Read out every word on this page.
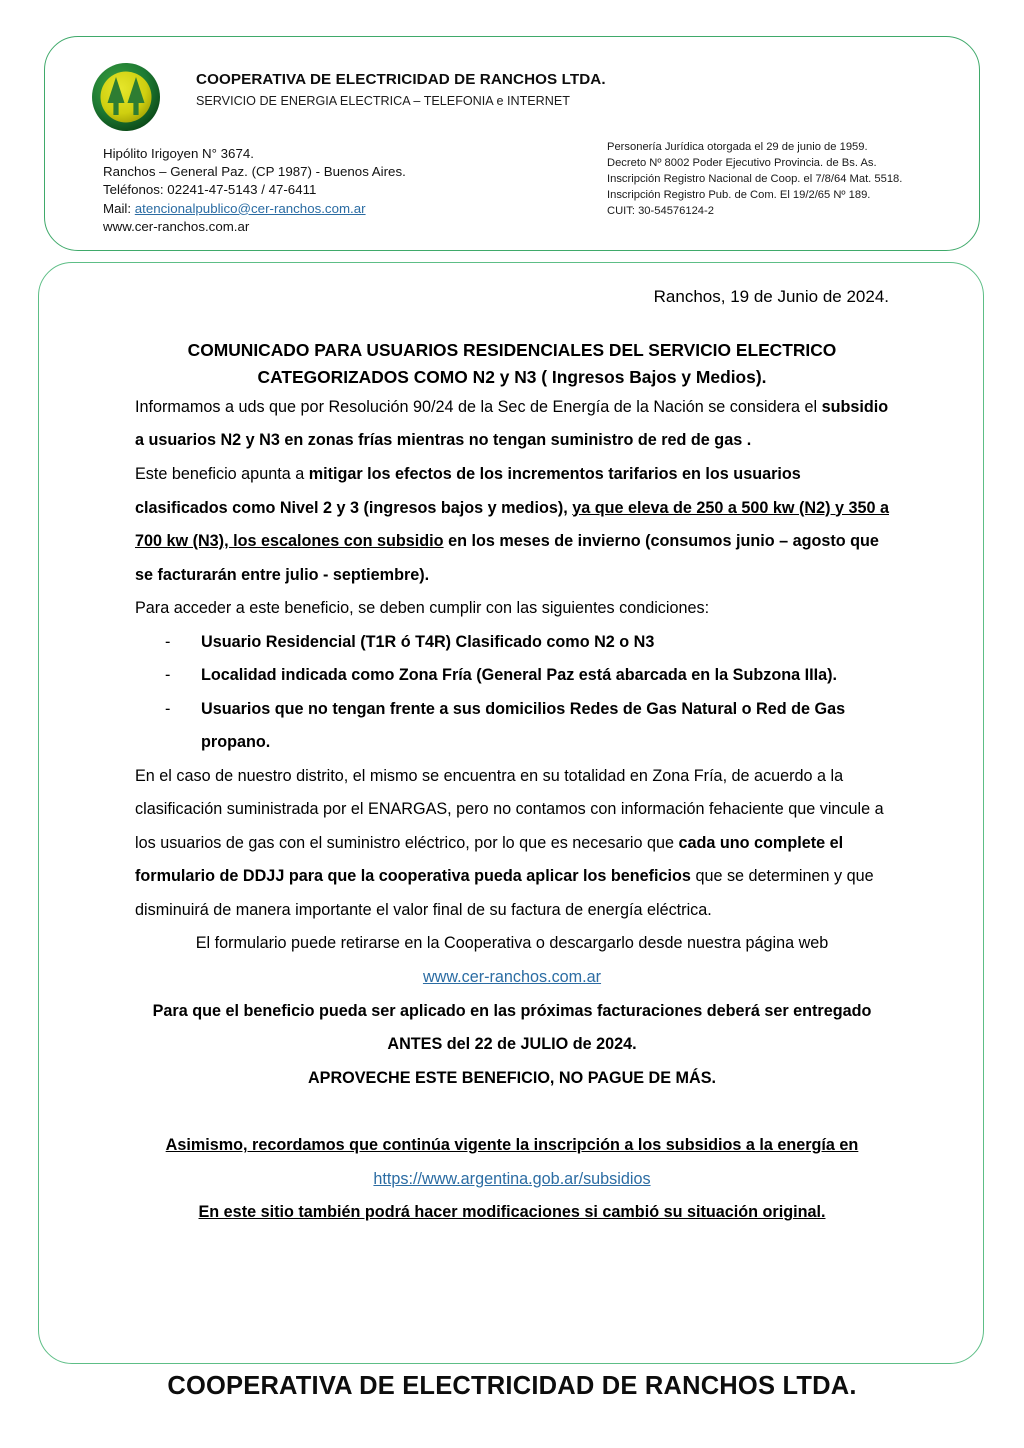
COOPERATIVA DE ELECTRICIDAD DE RANCHOS LTDA.
SERVICIO DE ENERGIA ELECTRICA – TELEFONIA e INTERNET
Hipólito Irigoyen N° 3674.
Ranchos – General Paz. (CP 1987) - Buenos Aires.
Teléfonos: 02241-47-5143 / 47-6411
Mail: atencionalpublico@cer-ranchos.com.ar
www.cer-ranchos.com.ar
Personería Jurídica otorgada el 29 de junio de 1959.
Decreto Nº 8002 Poder Ejecutivo Provincia. de Bs. As.
Inscripción Registro Nacional de Coop. el 7/8/64 Mat. 5518.
Inscripción Registro Pub. de Com. El 19/2/65 Nº 189.
CUIT: 30-54576124-2
Ranchos, 19 de Junio de 2024.
COMUNICADO PARA USUARIOS RESIDENCIALES DEL SERVICIO ELECTRICO
CATEGORIZADOS COMO N2 y N3 ( Ingresos Bajos y Medios).

Informamos a uds que por Resolución 90/24 de la Sec de Energía de la Nación se considera el subsidio a usuarios N2 y N3 en zonas frías mientras no tengan suministro de red de gas .

Este beneficio apunta a mitigar los efectos de los incrementos tarifarios en los usuarios clasificados como Nivel 2 y 3 (ingresos bajos y medios), ya que eleva de 250 a 500 kw (N2) y 350 a 700 kw (N3), los escalones con subsidio en los meses de invierno (consumos junio – agosto que se facturarán entre julio - septiembre).

Para acceder a este beneficio, se deben cumplir con las siguientes condiciones:

- Usuario Residencial (T1R ó T4R) Clasificado como N2 o N3
- Localidad indicada como Zona Fría (General Paz está abarcada en la Subzona IIIa).
- Usuarios que no tengan frente a sus domicilios Redes de Gas Natural o Red de Gas propano.

En el caso de nuestro distrito, el mismo se encuentra en su totalidad en Zona Fría, de acuerdo a la clasificación suministrada por el ENARGAS, pero no contamos con información fehaciente que vincule a los usuarios de gas con el suministro eléctrico, por lo que es necesario que cada uno complete el formulario de DDJJ para que la cooperativa pueda aplicar los beneficios que se determinen y que disminuirá de manera importante el valor final de su factura de energía eléctrica.

El formulario puede retirarse en la Cooperativa o descargarlo desde nuestra página web
www.cer-ranchos.com.ar
Para que el beneficio pueda ser aplicado en las próximas facturaciones deberá ser entregado
ANTES del 22 de JULIO de 2024.
APROVECHE ESTE BENEFICIO, NO PAGUE DE MÁS.
Asimismo, recordamos que continúa vigente la inscripción a los subsidios a la energía en
https://www.argentina.gob.ar/subsidios
En este sitio también podrá hacer modificaciones si cambió su situación original.
COOPERATIVA DE ELECTRICIDAD DE RANCHOS LTDA.
